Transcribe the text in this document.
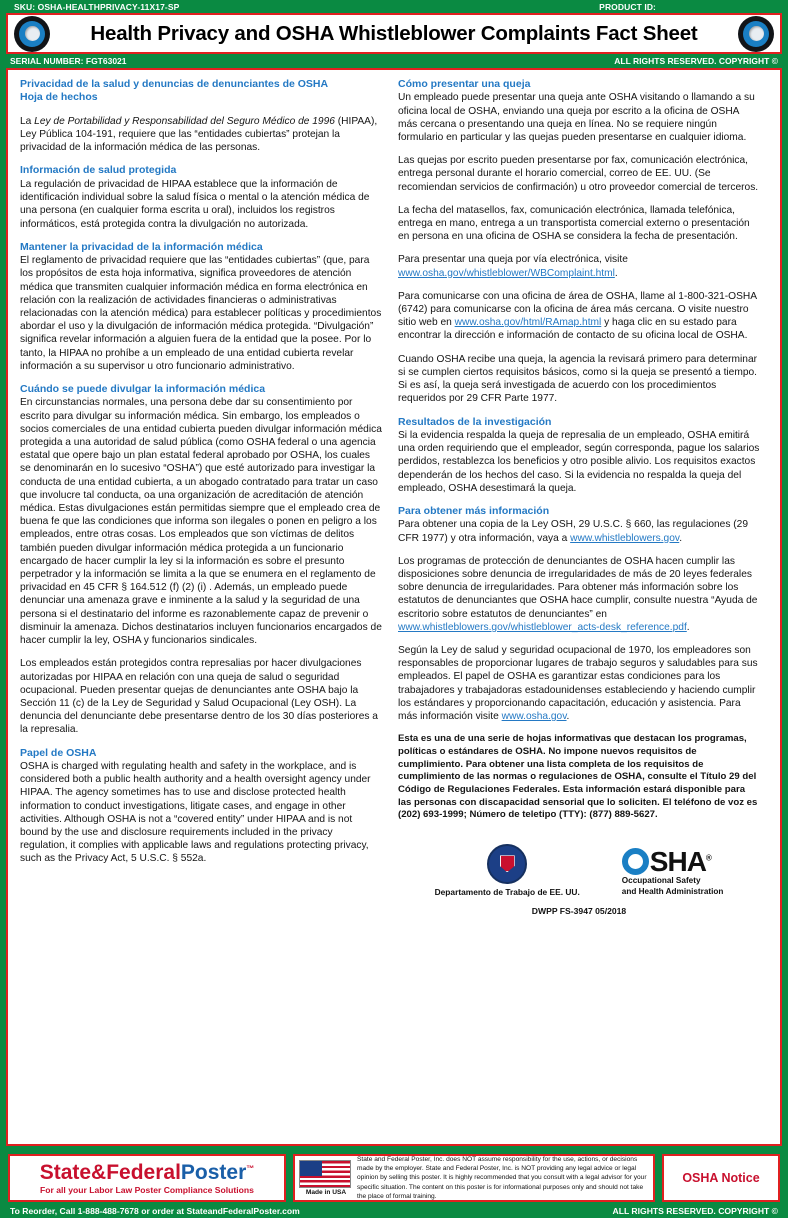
SKU: OSHA-HEALTHPRIVACY-11X17-SP	PRODUCT ID:
Health Privacy and OSHA Whistleblower Complaints Fact Sheet
SERIAL NUMBER: FGT63021	ALL RIGHTS RESERVED. COPYRIGHT ©
Privacidad de la salud y denuncias de denunciantes de OSHA
Hoja de hechos

La Ley de Portabilidad y Responsabilidad del Seguro Médico de 1996 (HIPAA), Ley Pública 104-191, requiere que las “entidades cubiertas” protejan la privacidad de la información médica de las personas.

Información de salud protegida

La regulación de privacidad de HIPAA establece que la información de identificación individual sobre la salud física o mental o la atención médica de una persona (en cualquier forma escrita u oral), incluidos los registros informáticos, está protegida contra la divulgación no autorizada.

Mantener la privacidad de la información médica

El reglamento de privacidad requiere que las “entidades cubiertas” (que, para los propósitos de esta hoja informativa, significa proveedores de atención médica que transmiten cualquier información médica en forma electrónica en relación con la realización de actividades financieras o administrativas relacionadas con la atención médica) para establecer políticas y procedimientos abordar el uso y la divulgación de información médica protegida. “Divulgación” significa revelar información a alguien fuera de la entidad que la posee. Por lo tanto, la HIPAA no prohíbe a un empleado de una entidad cubierta revelar información a su supervisor u otro funcionario administrativo.

Cuándo se puede divulgar la información médica

En circunstancias normales, una persona debe dar su consentimiento por escrito para divulgar su información médica. Sin embargo, los empleados o socios comerciales de una entidad cubierta pueden divulgar información médica protegida a una autoridad de salud pública (como OSHA federal o una agencia estatal que opere bajo un plan estatal federal aprobado por OSHA, los cuales se denominarán en lo sucesivo “OSHA”) que esté autorizado para investigar la conducta de una entidad cubierta, a un abogado contratado para tratar un caso que involucre tal conducta, oa una organización de acreditación de atención médica. Estas divulgaciones están permitidas siempre que el empleado crea de buena fe que las condiciones que informa son ilegales o ponen en peligro a los empleados, entre otras cosas. Los empleados que son víctimas de delitos también pueden divulgar información médica protegida a un funcionario encargado de hacer cumplir la ley si la información es sobre el presunto perpetrador y la información se limita a la que se enumera en el reglamento de privacidad en 45 CFR § 164.512 (f) (2) (i) . Además, un empleado puede denunciar una amenaza grave e inminente a la salud y la seguridad de una persona si el destinatario del informe es razonablemente capaz de prevenir o disminuir la amenaza. Dichos destinatarios incluyen funcionarios encargados de hacer cumplir la ley, OSHA y funcionarios sindicales.

Los empleados están protegidos contra represalias por hacer divulgaciones autorizadas por HIPAA en relación con una queja de salud o seguridad ocupacional. Pueden presentar quejas de denunciantes ante OSHA bajo la Sección 11 (c) de la Ley de Seguridad y Salud Ocupacional (Ley OSH). La denuncia del denunciante debe presentarse dentro de los 30 días posteriores a la represalia.

Papel de OSHA

OSHA is charged with regulating health and safety in the workplace, and is considered both a public health authority and a health oversight agency under HIPAA. The agency sometimes has to use and disclose protected health information to conduct investigations, litigate cases, and engage in other activities. Although OSHA is not a “covered entity” under HIPAA and is not bound by the use and disclosure requirements included in the privacy regulation, it complies with applicable laws and regulations protecting privacy, such as the Privacy Act, 5 U.S.C. § 552a.

Cómo presentar una queja

Un empleado puede presentar una queja ante OSHA visitando o llamando a su oficina local de OSHA, enviando una queja por escrito a la oficina de OSHA más cercana o presentando una queja en línea. No se requiere ningún formulario en particular y las quejas pueden presentarse en cualquier idioma.

Las quejas por escrito pueden presentarse por fax, comunicación electrónica, entrega personal durante el horario comercial, correo de EE. UU. (Se recomiendan servicios de confirmación) u otro proveedor comercial de terceros.

La fecha del matasellos, fax, comunicación electrónica, llamada telefónica, entrega en mano, entrega a un transportista comercial externo o presentación en persona en una oficina de OSHA se considera la fecha de presentación.

Para presentar una queja por vía electrónica, visite www.osha.gov/whistleblower/WBComplaint.html.

Para comunicarse con una oficina de área de OSHA, llame al 1-800-321-OSHA (6742) para comunicarse con la oficina de área más cercana. O visite nuestro sitio web en www.osha.gov/html/RAmap.html y haga clic en su estado para encontrar la dirección e información de contacto de su oficina local de OSHA.

Cuando OSHA recibe una queja, la agencia la revisará primero para determinar si se cumplen ciertos requisitos básicos, como si la queja se presentó a tiempo. Si es así, la queja será investigada de acuerdo con los procedimientos requeridos por 29 CFR Parte 1977.

Resultados de la investigación

Si la evidencia respalda la queja de represalia de un empleado, OSHA emitirá una orden requiriendo que el empleador, según corresponda, pague los salarios perdidos, restablezca los beneficios y otro posible alivio. Los requisitos exactos dependerán de los hechos del caso. Si la evidencia no respalda la queja del empleado, OSHA desestimará la queja.

Para obtener más información

Para obtener una copia de la Ley OSH, 29 U.S.C. § 660, las regulaciones (29 CFR 1977) y otra información, vaya a www.whistleblowers.gov.

Los programas de protección de denunciantes de OSHA hacen cumplir las disposiciones sobre denuncia de irregularidades de más de 20 leyes federales sobre denuncia de irregularidades. Para obtener más información sobre los estatutos de denunciantes que OSHA hace cumplir, consulte nuestra “Ayuda de escritorio sobre estatutos de denunciantes” en www.whistleblowers.gov/whistleblower_acts-desk_reference.pdf.

Según la Ley de salud y seguridad ocupacional de 1970, los empleadores son responsables de proporcionar lugares de trabajo seguros y saludables para sus empleados. El papel de OSHA es garantizar estas condiciones para los trabajadores y trabajadoras estadounidenses estableciendo y haciendo cumplir los estándares y proporcionando capacitación, educación y asistencia. Para más información visite www.osha.gov.

Esta es una de una serie de hojas informativas que destacan los programas, políticas o estándares de OSHA. No impone nuevos requisitos de cumplimiento. Para obtener una lista completa de los requisitos de cumplimiento de las normas o regulaciones de OSHA, consulte el Título 29 del Código de Regulaciones Federales. Esta información estará disponible para las personas con discapacidad sensorial que lo soliciten. El teléfono de voz es (202) 693-1999; Número de teletipo (TTY): (877) 889-5627.

Departamento de Trabajo de EE. UU.
SHA®
Occupational Safety
and Health Administration
DWPP FS-3947 05/2018
State&FederalPoster™
For all your Labor Law Poster Compliance Solutions	Made in USA
State and Federal Poster, Inc. does NOT assume responsibility for the use, actions, or decisions made by the employer. State and Federal Poster, Inc. is NOT providing any legal advice or legal opinion by selling this poster. It is highly recommended that you consult with a legal advisor for your specific situation. The content on this poster is for informational purposes only and should not take the place of formal training.
OSHA Notice
To Reorder, Call 1-888-488-7678 or order at StateandFederalPoster.com	ALL RIGHTS RESERVED. COPYRIGHT ©
